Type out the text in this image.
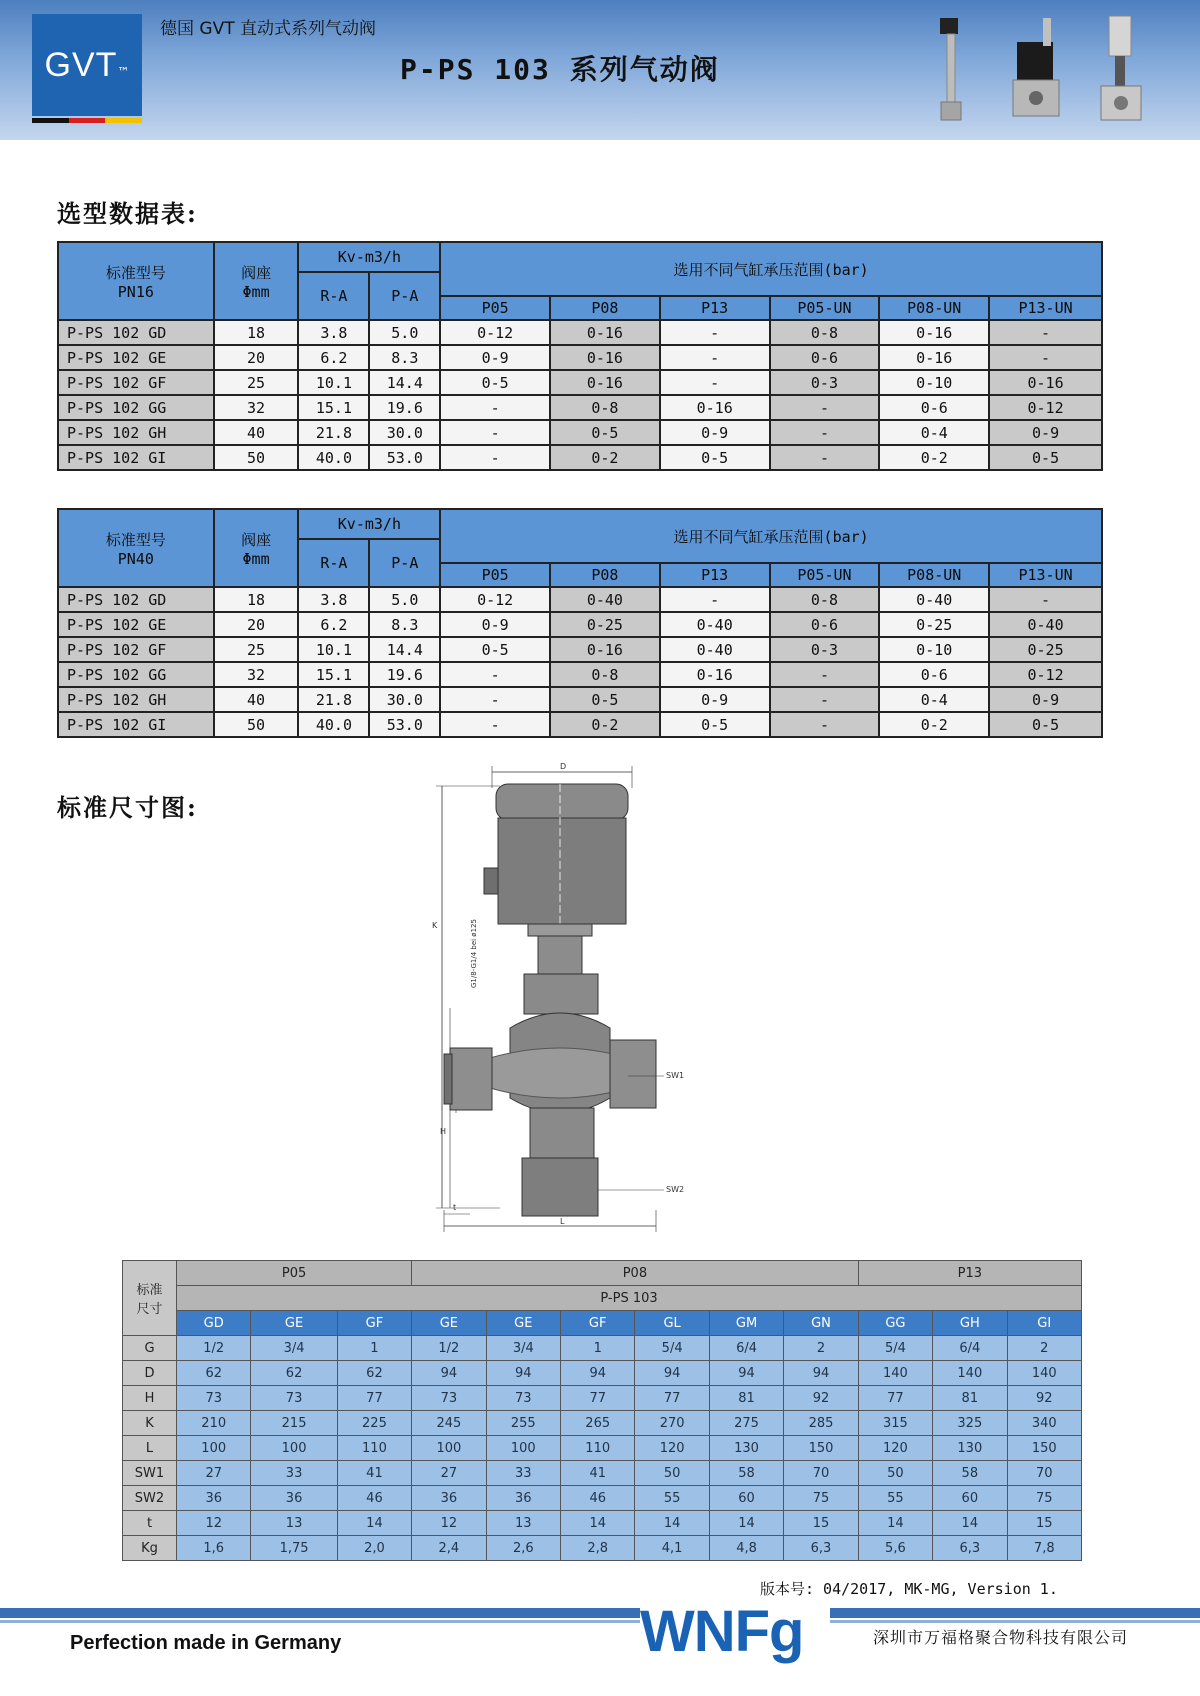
GVT ™
德国 GVT 直动式系列气动阀
P-PS 103 系列气动阀
选型数据表:
标准型号
PN16	阀座
Φmm	Kv-m3/h		选用不同气缸承压范围(bar)					
		R-A	P-A						
				P05	P08	P13	P05-UN	P08-UN	P13-UN
P-PS 102 GD	18	3.8	5.0	0-12	0-16	-	0-8	0-16	-
P-PS 102 GE	20	6.2	8.3	0-9	0-16	-	0-6	0-16	-
P-PS 102 GF	25	10.1	14.4	0-5	0-16	-	0-3	0-10	0-16
P-PS 102 GG	32	15.1	19.6	-	0-8	0-16	-	0-6	0-12
P-PS 102 GH	40	21.8	30.0	-	0-5	0-9	-	0-4	0-9
P-PS 102 GI	50	40.0	53.0	-	0-2	0-5	-	0-2	0-5
标准型号
PN40	阀座
Φmm	Kv-m3/h		选用不同气缸承压范围(bar)					
		R-A	P-A						
				P05	P08	P13	P05-UN	P08-UN	P13-UN
P-PS 102 GD	18	3.8	5.0	0-12	0-40	-	0-8	0-40	-
P-PS 102 GE	20	6.2	8.3	0-9	0-25	0-40	0-6	0-25	0-40
P-PS 102 GF	25	10.1	14.4	0-5	0-16	0-40	0-3	0-10	0-25
P-PS 102 GG	32	15.1	19.6	-	0-8	0-16	-	0-6	0-12
P-PS 102 GH	40	21.8	30.0	-	0-5	0-9	-	0-4	0-9
P-PS 102 GI	50	40.0	53.0	-	0-2	0-5	-	0-2	0-5
标准尺寸图:
D
K
H
G1/8-G1/4 bei ø125
SW1
SW2
L
t
标准
尺寸	P05			P08						P13		
	P-PS 103											
	GD	GE	GF	GE	GE	GF	GL	GM	GN	GG	GH	GI
G	1/2	3/4	1	1/2	3/4	1	5/4	6/4	2	5/4	6/4	2
D	62	62	62	94	94	94	94	94	94	140	140	140
H	73	73	77	73	73	77	77	81	92	77	81	92
K	210	215	225	245	255	265	270	275	285	315	325	340
L	100	100	110	100	100	110	120	130	150	120	130	150
SW1	27	33	41	27	33	41	50	58	70	50	58	70
SW2	36	36	46	36	36	46	55	60	75	55	60	75
t	12	13	14	12	13	14	14	14	15	14	14	15
Kg	1,6	1,75	2,0	2,4	2,6	2,8	4,1	4,8	6,3	5,6	6,3	7,8
版本号: 04/2017, MK-MG, Version 1.
Perfection made in Germany	WNFg	深圳市万福格聚合物科技有限公司
